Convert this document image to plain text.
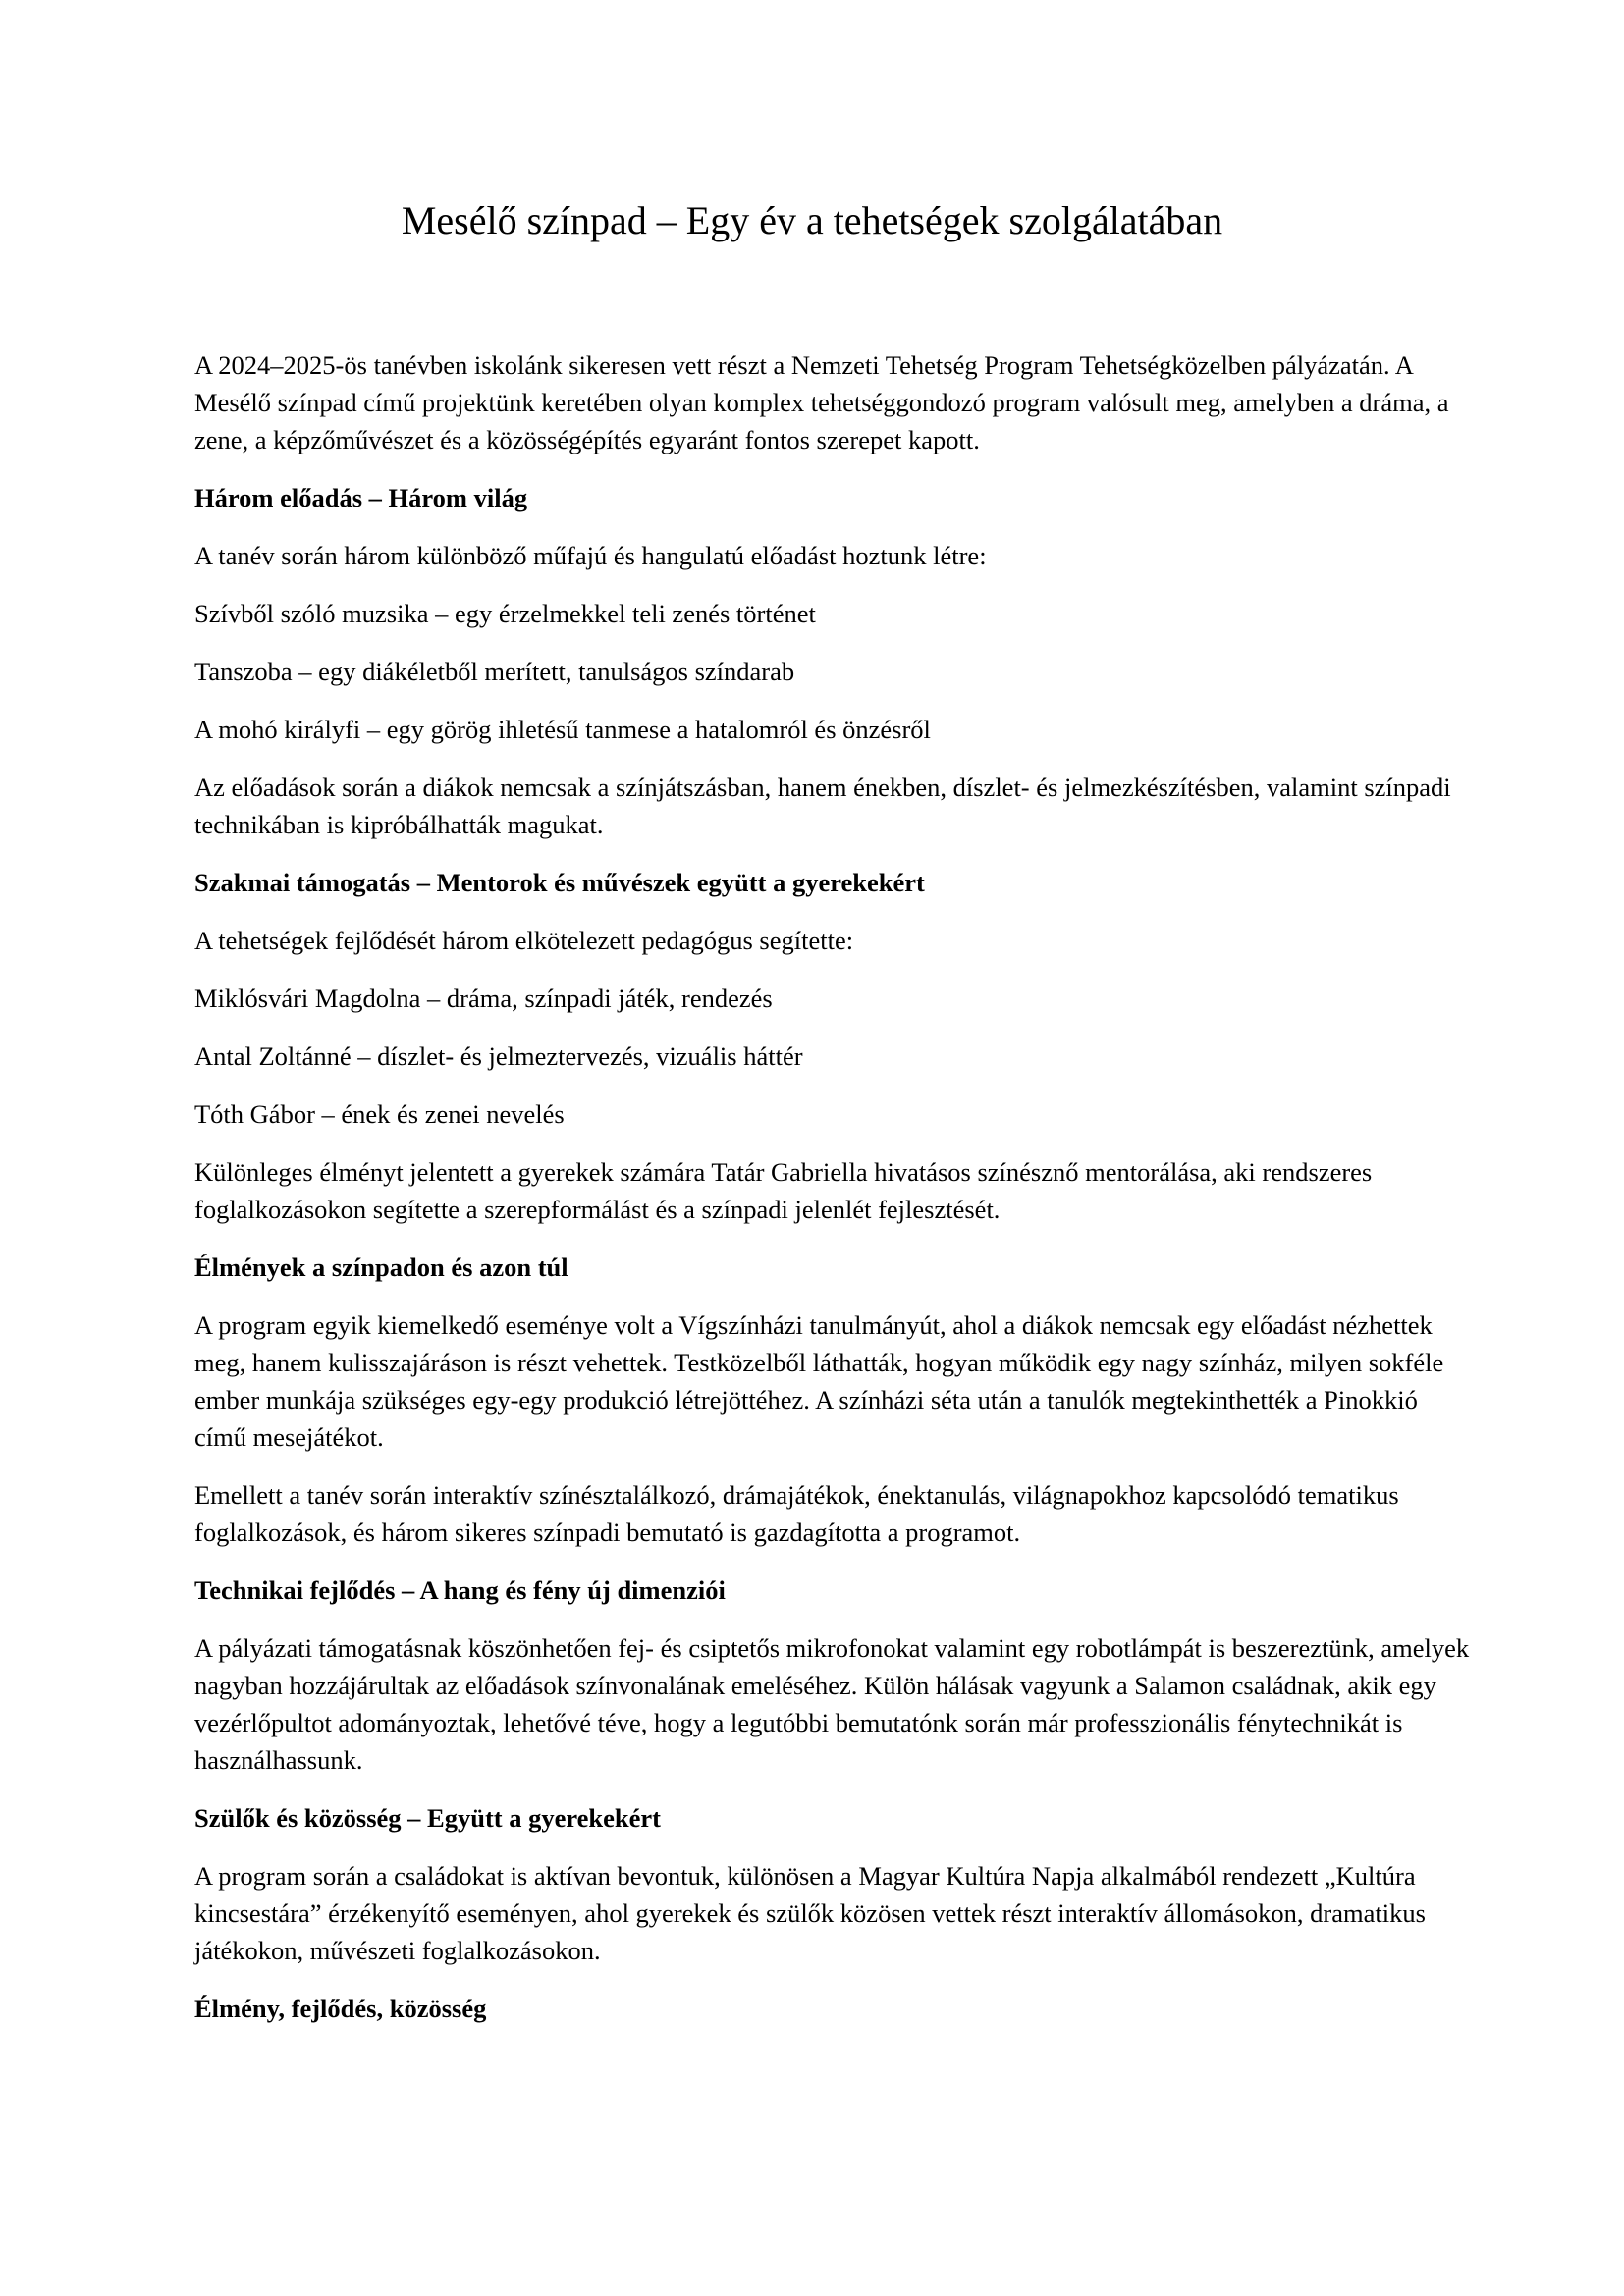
Mesélő színpad – Egy év a tehetségek szolgálatában

A 2024–2025-ös tanévben iskolánk sikeresen vett részt a Nemzeti Tehetség Program Tehetségközelben pályázatán. A Mesélő színpad című projektünk keretében olyan komplex tehetséggondozó program valósult meg, amelyben a dráma, a zene, a képzőművészet és a közösségépítés egyaránt fontos szerepet kapott.

Három előadás – Három világ

A tanév során három különböző műfajú és hangulatú előadást hoztunk létre:

Szívből szóló muzsika – egy érzelmekkel teli zenés történet

Tanszoba – egy diákéletből merített, tanulságos színdarab

A mohó királyfi – egy görög ihletésű tanmese a hatalomról és önzésről

Az előadások során a diákok nemcsak a színjátszásban, hanem énekben, díszlet- és jelmezkészítésben, valamint színpadi technikában is kipróbálhatták magukat.

Szakmai támogatás – Mentorok és művészek együtt a gyerekekért

A tehetségek fejlődését három elkötelezett pedagógus segítette:

Miklósvári Magdolna – dráma, színpadi játék, rendezés

Antal Zoltánné – díszlet- és jelmeztervezés, vizuális háttér

Tóth Gábor – ének és zenei nevelés

Különleges élményt jelentett a gyerekek számára Tatár Gabriella hivatásos színésznő mentorálása, aki rendszeres foglalkozásokon segítette a szerepformálást és a színpadi jelenlét fejlesztését.

Élmények a színpadon és azon túl

A program egyik kiemelkedő eseménye volt a Vígszínházi tanulmányút, ahol a diákok nemcsak egy előadást nézhettek meg, hanem kulisszajáráson is részt vehettek. Testközelből láthatták, hogyan működik egy nagy színház, milyen sokféle ember munkája szükséges egy-egy produkció létrejöttéhez. A színházi séta után a tanulók megtekinthették a Pinokkió című mesejátékot.

Emellett a tanév során interaktív színésztalálkozó, drámajátékok, énektanulás, világnapokhoz kapcsolódó tematikus foglalkozások, és három sikeres színpadi bemutató is gazdagította a programot.

Technikai fejlődés – A hang és fény új dimenziói

A pályázati támogatásnak köszönhetően fej- és csiptetős mikrofonokat valamint egy robotlámpát is beszereztünk, amelyek nagyban hozzájárultak az előadások színvonalának emeléséhez. Külön hálásak vagyunk a Salamon családnak, akik egy vezérlőpultot adományoztak, lehetővé téve, hogy a legutóbbi bemutatónk során már professzionális fénytechnikát is használhassunk.

Szülők és közösség – Együtt a gyerekekért

A program során a családokat is aktívan bevontuk, különösen a Magyar Kultúra Napja alkalmából rendezett „Kultúra kincsestára” érzékenyítő eseményen, ahol gyerekek és szülők közösen vettek részt interaktív állomásokon, dramatikus játékokon, művészeti foglalkozásokon.

Élmény, fejlődés, közösség
